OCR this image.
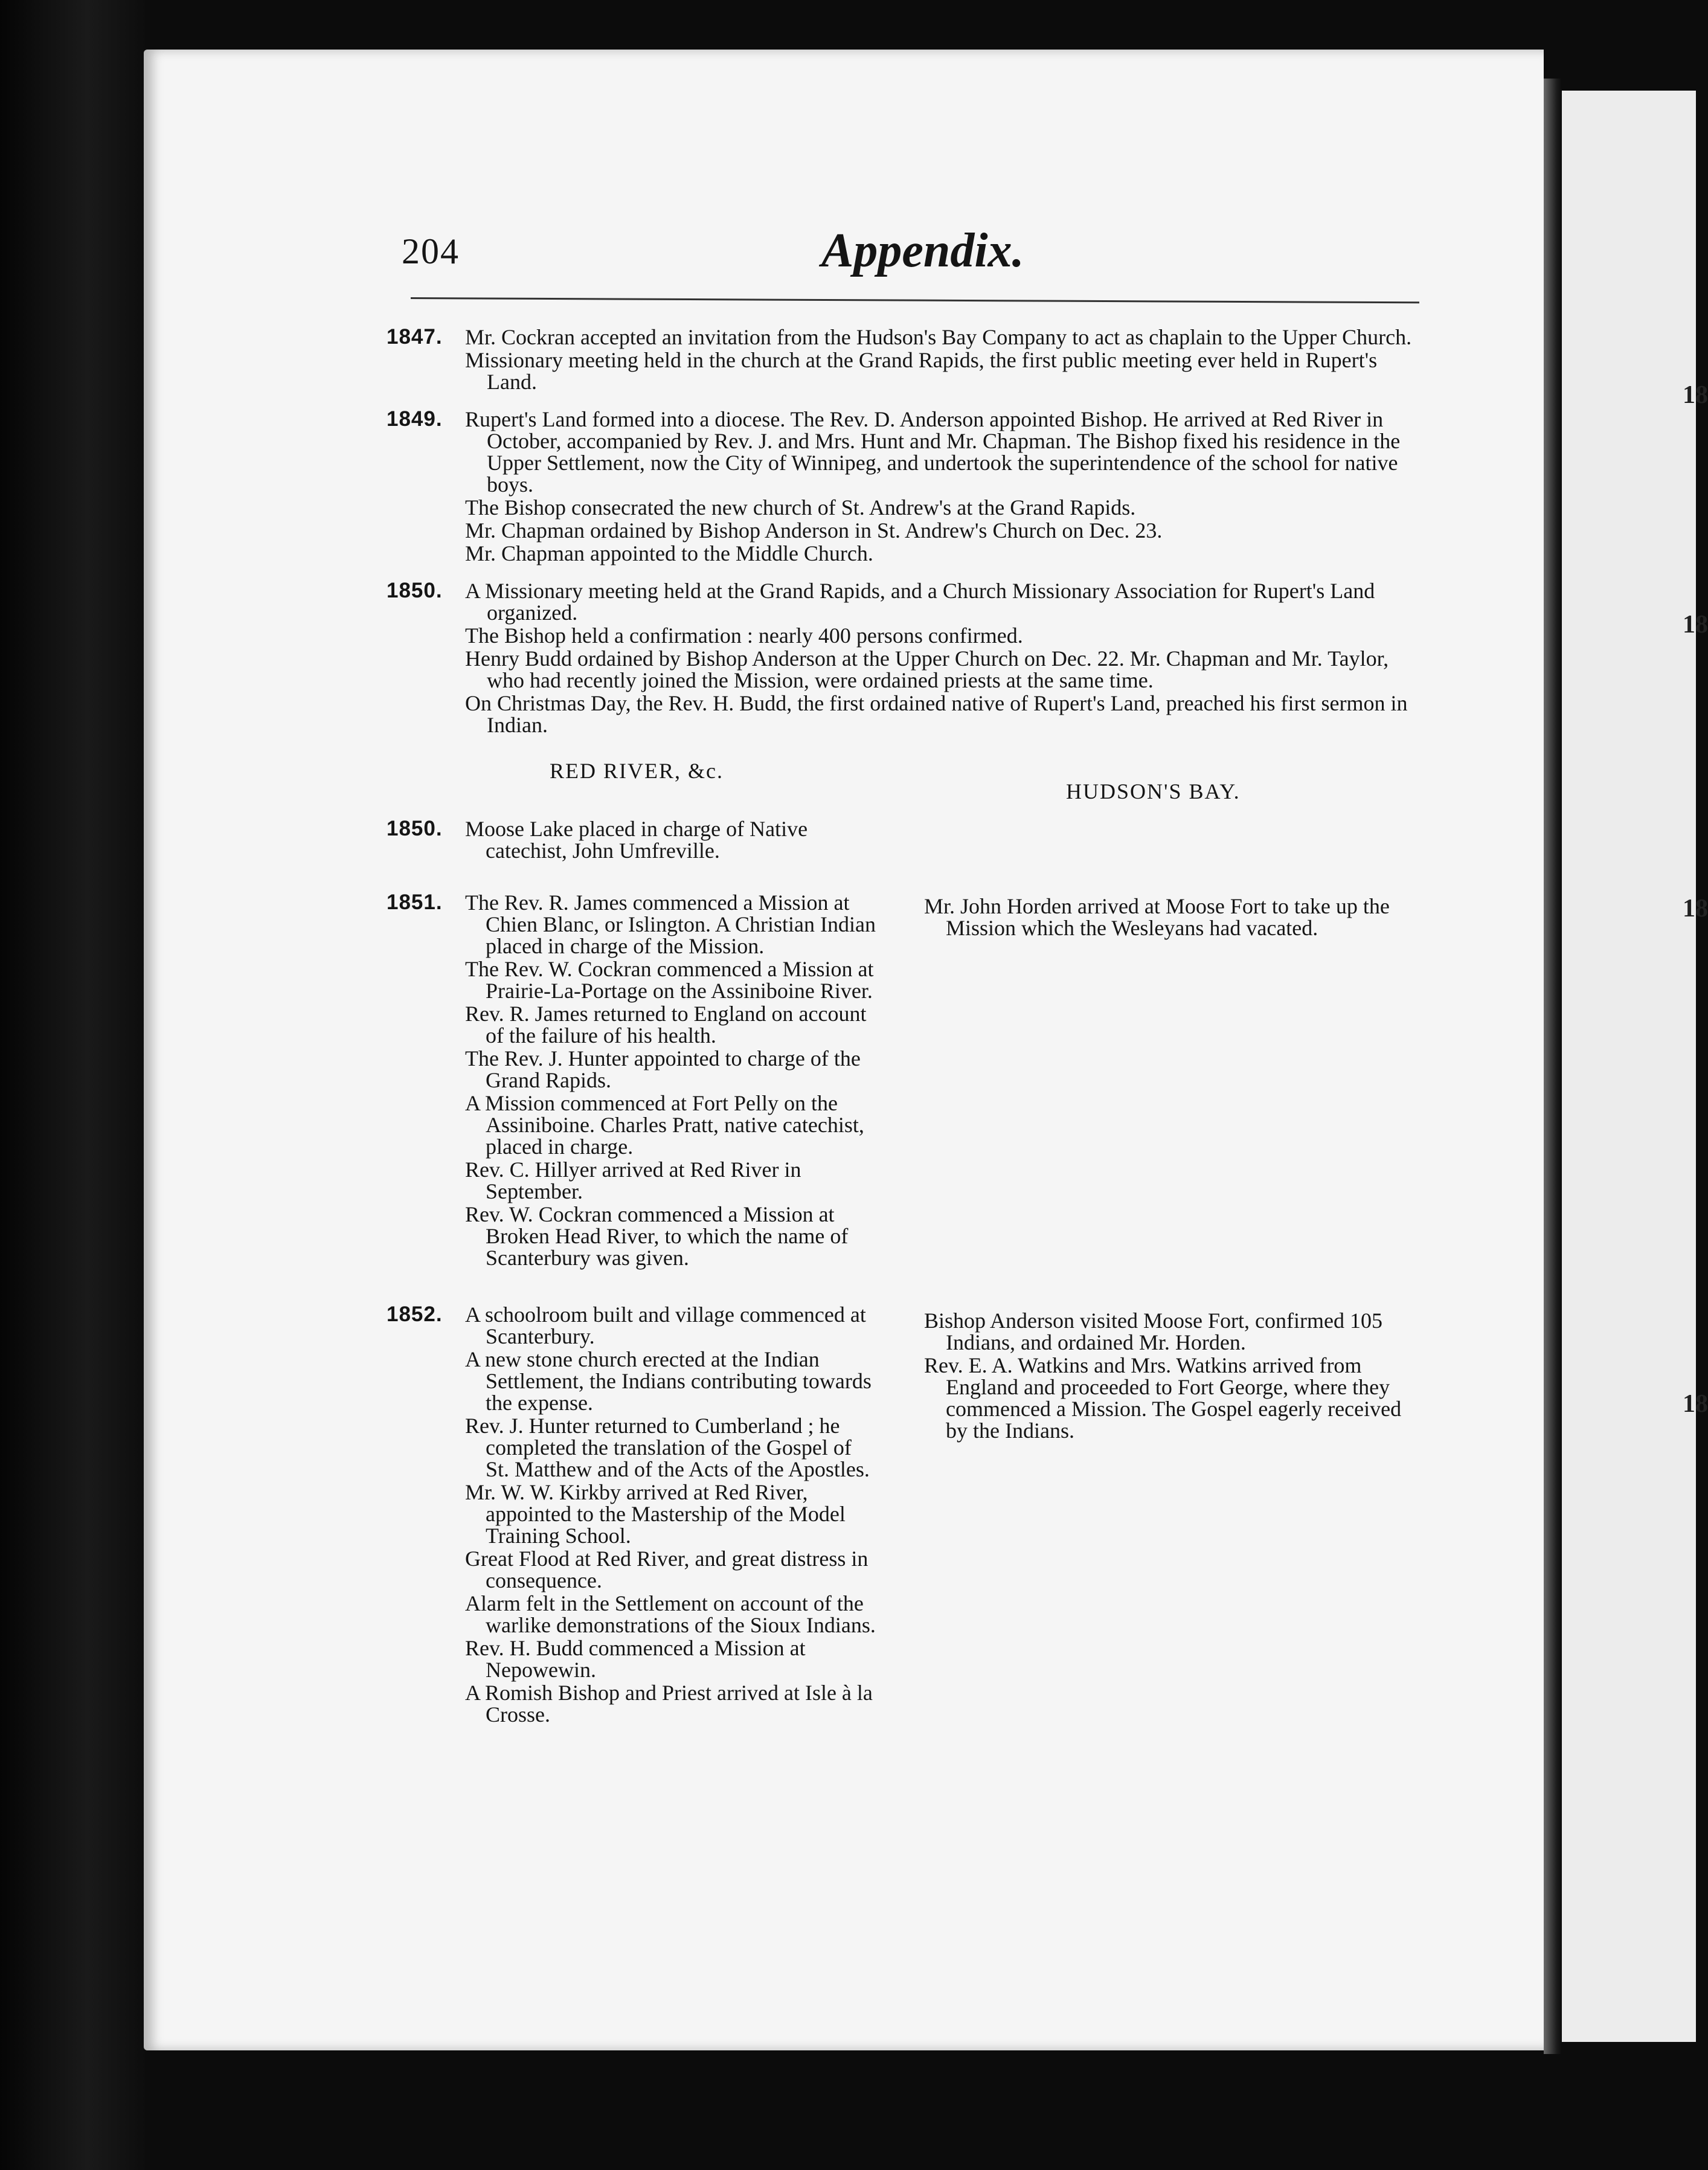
18
18
18
18
204	Appendix.
1847. Mr. Cockran accepted an invitation from the Hudson's Bay Company to act as chaplain to the Upper Church.
Missionary meeting held in the church at the Grand Rapids, the first public meeting ever held in Rupert's Land.
1849. Rupert's Land formed into a diocese. The Rev. D. Anderson appointed Bishop. He arrived at Red River in October, accompanied by Rev. J. and Mrs. Hunt and Mr. Chapman. The Bishop fixed his residence in the Upper Settlement, now the City of Winnipeg, and undertook the superintendence of the school for native boys.
The Bishop consecrated the new church of St. Andrew's at the Grand Rapids.
Mr. Chapman ordained by Bishop Anderson in St. Andrew's Church on Dec. 23.
Mr. Chapman appointed to the Middle Church.
1850. A Missionary meeting held at the Grand Rapids, and a Church Missionary Association for Rupert's Land organized.
The Bishop held a confirmation : nearly 400 persons confirmed.
Henry Budd ordained by Bishop Anderson at the Upper Church on Dec. 22. Mr. Chapman and Mr. Taylor, who had recently joined the Mission, were ordained priests at the same time.
On Christmas Day, the Rev. H. Budd, the first ordained native of Rupert's Land, preached his first sermon in Indian.
RED RIVER, &c.
HUDSON'S BAY.
1850. Moose Lake placed in charge of Native catechist, John Umfreville.
1851. The Rev. R. James commenced a Mission at Chien Blanc, or Islington. A Christian Indian placed in charge of the Mission.
The Rev. W. Cockran commenced a Mission at Prairie-La-Portage on the Assiniboine River.
Rev. R. James returned to England on account of the failure of his health.
The Rev. J. Hunter appointed to charge of the Grand Rapids.
A Mission commenced at Fort Pelly on the Assiniboine. Charles Pratt, native catechist, placed in charge.
Rev. C. Hillyer arrived at Red River in September.
Rev. W. Cockran commenced a Mission at Broken Head River, to which the name of Scanterbury was given.
Mr. John Horden arrived at Moose Fort to take up the Mission which the Wesleyans had vacated.
1852. A schoolroom built and village commenced at Scanterbury.
A new stone church erected at the Indian Settlement, the Indians contributing towards the expense.
Rev. J. Hunter returned to Cumberland ; he completed the translation of the Gospel of St. Matthew and of the Acts of the Apostles.
Mr. W. W. Kirkby arrived at Red River, appointed to the Mastership of the Model Training School.
Great Flood at Red River, and great distress in consequence.
Alarm felt in the Settlement on account of the warlike demonstrations of the Sioux Indians.
Rev. H. Budd commenced a Mission at Nepowewin.
A Romish Bishop and Priest arrived at Isle à la Crosse.
Bishop Anderson visited Moose Fort, confirmed 105 Indians, and ordained Mr. Horden.
Rev. E. A. Watkins and Mrs. Watkins arrived from England and proceeded to Fort George, where they commenced a Mission. The Gospel eagerly received by the Indians.
